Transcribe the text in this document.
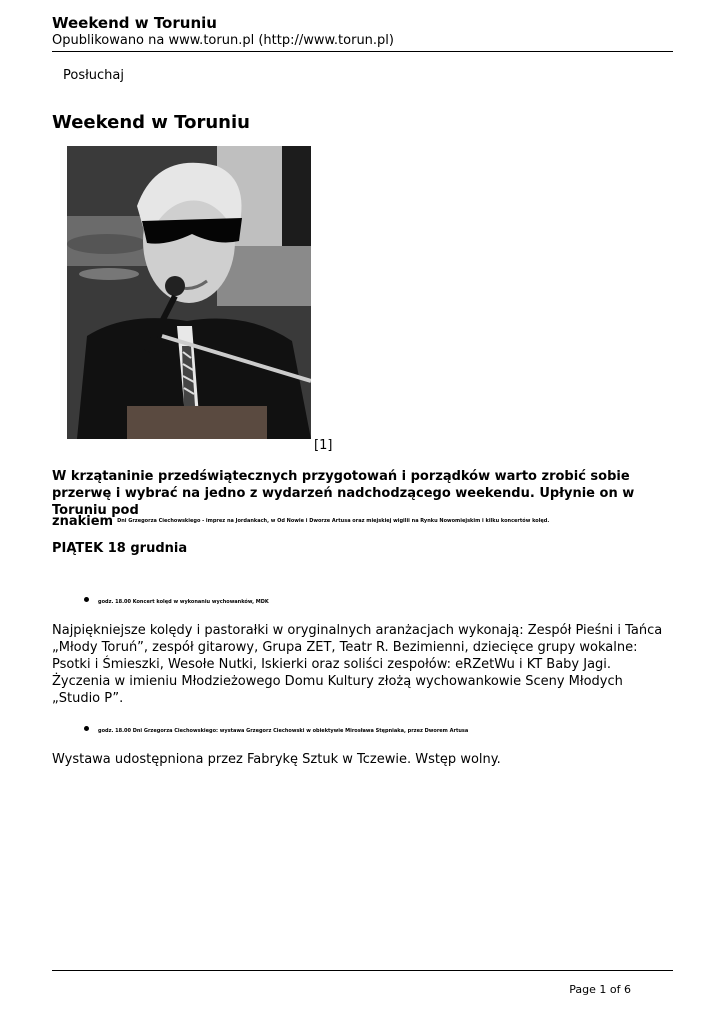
Weekend w Toruniu
Opublikowano na www.torun.pl (http://www.torun.pl)
Posłuchaj
Weekend w Toruniu
[1]
W krzątaninie przedświątecznych przygotowań i porządków warto zrobić sobie przerwę i wybrać na jedno z wydarzeń nadchodzącego weekendu. Upłynie on w Toruniu pod
znakiem Dni Grzegorza Ciechowskiego - imprez na Jordankach, w Od Nowie i Dworze Artusa oraz miejskiej wigilii na Rynku Nowomiejskim i kilku koncertów kolęd.
PIĄTEK 18 grudnia
godz. 18.00 Koncert kolęd w wykonaniu wychowanków, MDK
Najpiękniejsze kolędy i pastorałki w oryginalnych aranżacjach wykonają: Zespół Pieśni i Tańca „Młody Toruń”, zespół gitarowy, Grupa ZET, Teatr R. Bezimienni, dziecięce grupy wokalne: Psotki i Śmieszki, Wesołe Nutki, Iskierki oraz soliści zespołów: eRZetWu i KT Baby Jagi. Życzenia w imieniu Młodzieżowego Domu Kultury złożą wychowankowie Sceny Młodych „Studio P”.
godz. 18.00 Dni Grzegorza Ciechowskiego: wystawa Grzegorz Ciechowski w obiektywie Mirosława Stępniaka, przez Dworem Artusa
Wystawa udostępniona przez Fabrykę Sztuk w Tczewie. Wstęp wolny.
Page 1 of 6
